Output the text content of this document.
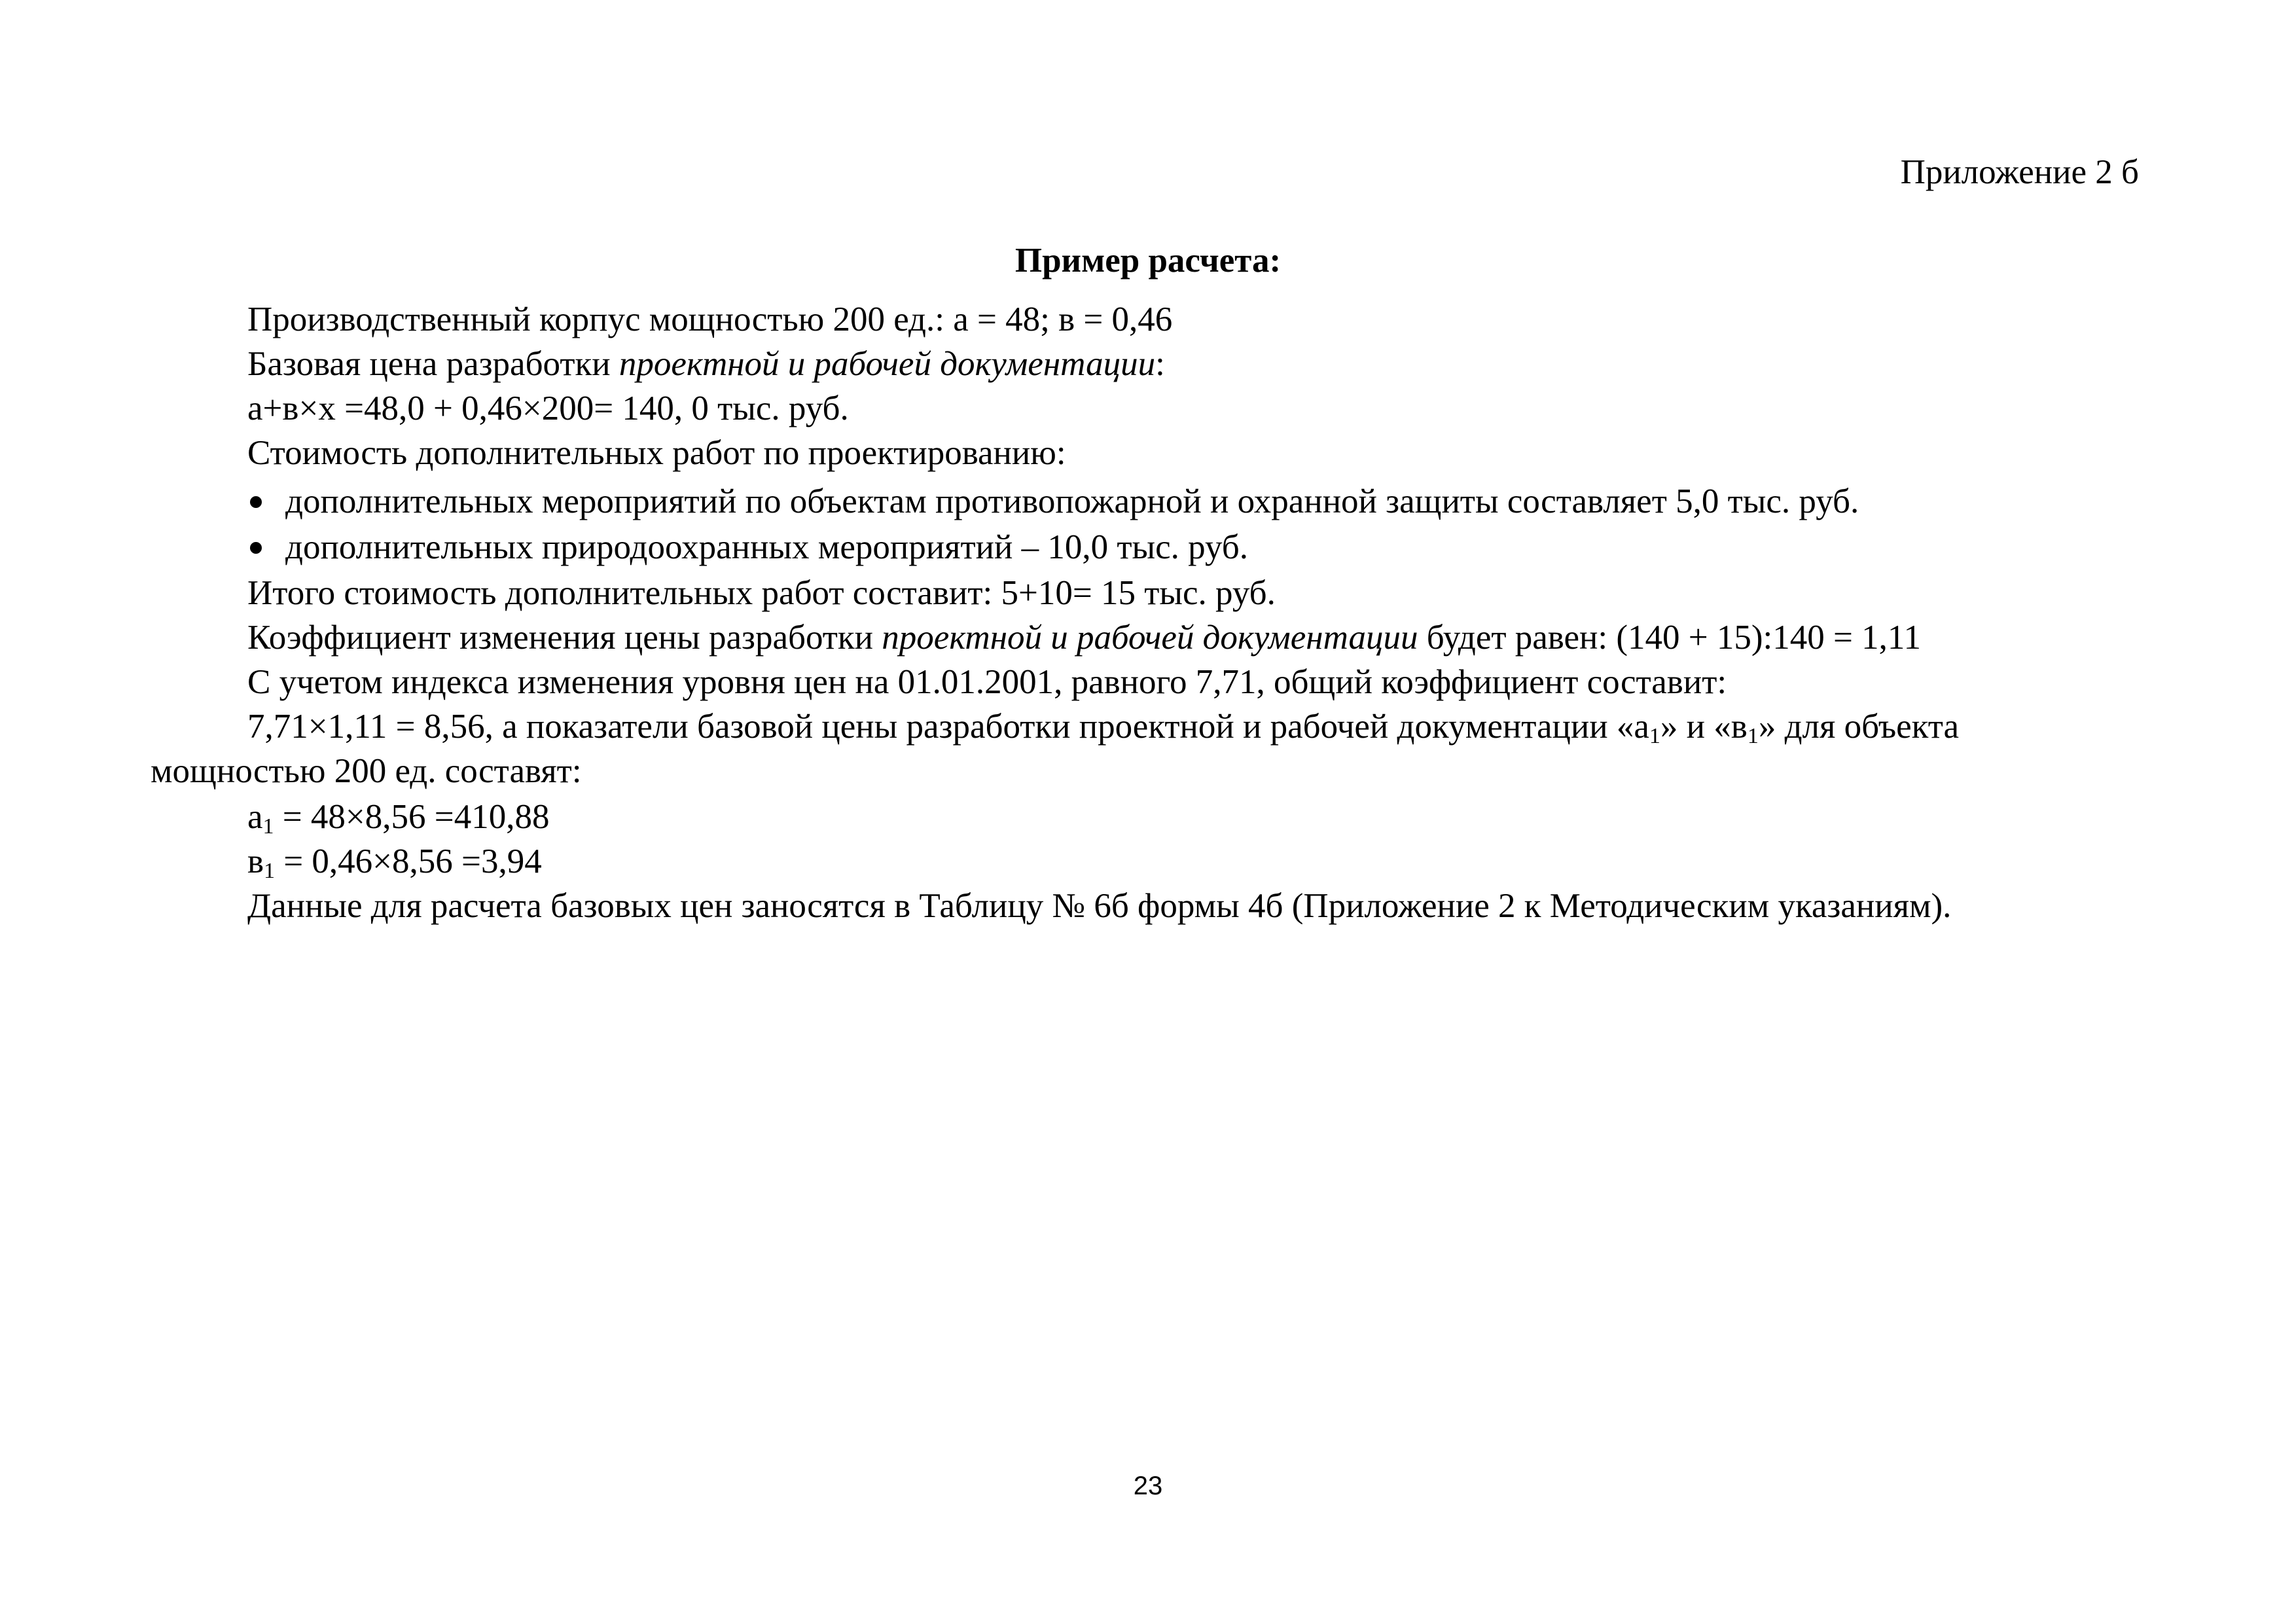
Приложение 2 б
Пример расчета:
Производственный корпус мощностью 200 ед.: а = 48; в = 0,46
Базовая цена разработки проектной и рабочей документации:
а+в×х =48,0 + 0,46×200= 140, 0 тыс. руб.
Стоимость дополнительных работ по проектированию:
дополнительных мероприятий по объектам противопожарной и охранной защиты составляет 5,0 тыс. руб.
дополнительных природоохранных мероприятий – 10,0 тыс. руб.
Итого стоимость дополнительных работ составит: 5+10= 15 тыс. руб.
Коэффициент изменения цены разработки проектной и рабочей документации будет равен: (140 + 15):140 = 1,11
С учетом индекса изменения уровня цен на 01.01.2001, равного 7,71, общий коэффициент составит:
7,71×1,11 = 8,56, а показатели базовой цены разработки проектной и рабочей документации «$а_1$» и «$в_1$» для объекта
мощностью 200 ед. составят:
$а_1 = 48\times 8,56 =410,88$
$в_1 = 0,46\times 8,56 =3,94$
Данные для расчета базовых цен заносятся в Таблицу № 6б формы 4б (Приложение 2 к Методическим указаниям).
23
